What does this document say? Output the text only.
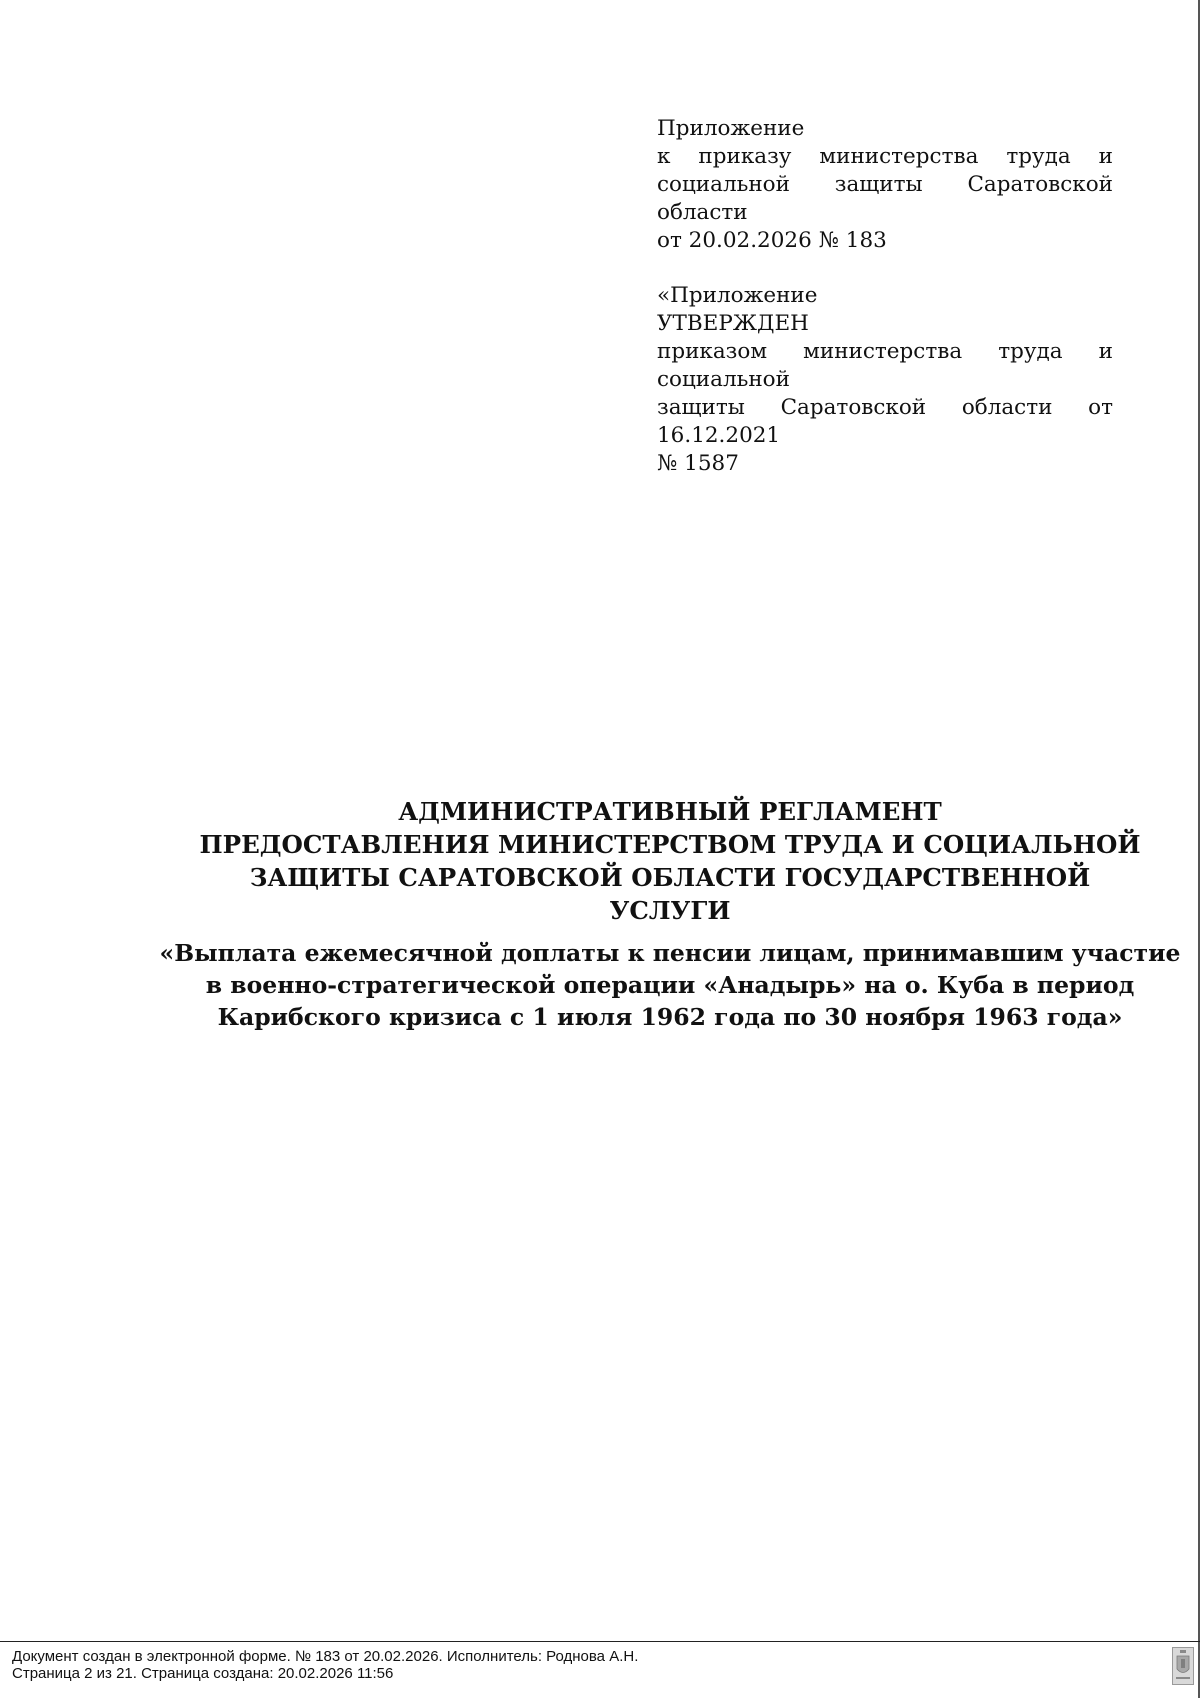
Приложение

к приказу министерства труда и

социальной защиты Саратовской области

от 20.02.2026 № 183

«Приложение

УТВЕРЖДЕН

приказом министерства труда и социальной

защиты Саратовской области от 16.12.2021

№ 1587

АДМИНИСТРАТИВНЫЙ РЕГЛАМЕНТ
ПРЕДОСТАВЛЕНИЯ МИНИСТЕРСТВОМ ТРУДА И СОЦИАЛЬНОЙ
ЗАЩИТЫ САРАТОВСКОЙ ОБЛАСТИ ГОСУДАРСТВЕННОЙ
УСЛУГИ

«Выплата ежемесячной доплаты к пенсии лицам, принимавшим участие
в военно-стратегической операции «Анадырь» на о. Куба в период
Карибского кризиса с 1 июля 1962 года по 30 ноября 1963 года»

Документ создан в электронной форме. № 183 от 20.02.2026. Исполнитель: Роднова А.Н.
Страница 2 из 21. Страница создана: 20.02.2026 11:56
